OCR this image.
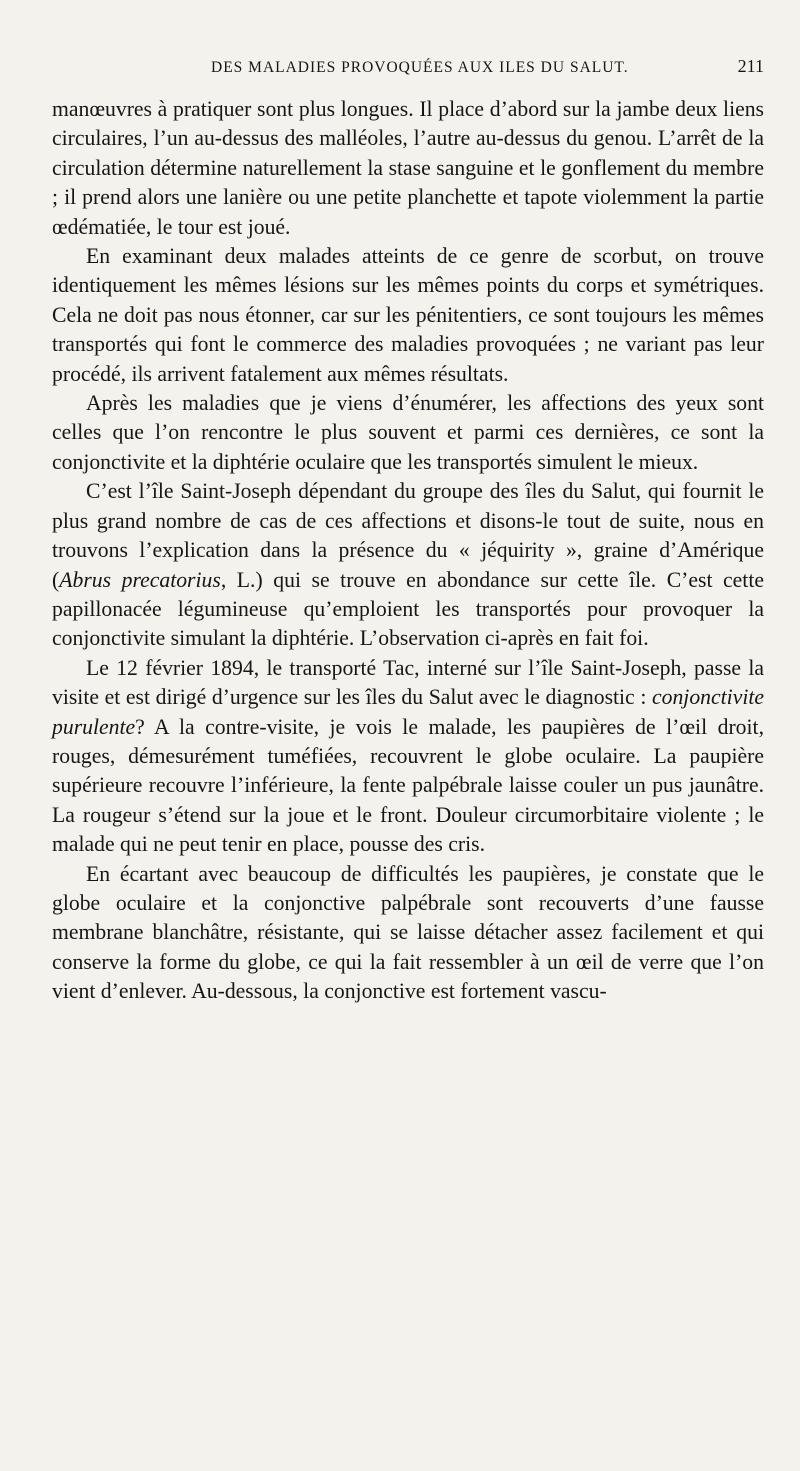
DES MALADIES PROVOQUÉES AUX ILES DU SALUT.	211

manœuvres à pratiquer sont plus longues. Il place d’abord sur la jambe deux liens circulaires, l’un au-dessus des malléoles, l’autre au-dessus du genou. L’arrêt de la circulation détermine naturellement la stase sanguine et le gonflement du membre ; il prend alors une lanière ou une petite planchette et tapote violemment la partie œdématiée, le tour est joué.

En examinant deux malades atteints de ce genre de scorbut, on trouve identiquement les mêmes lésions sur les mêmes points du corps et symétriques. Cela ne doit pas nous étonner, car sur les pénitentiers, ce sont toujours les mêmes transportés qui font le commerce des maladies provoquées ; ne variant pas leur procédé, ils arrivent fatalement aux mêmes résultats.

Après les maladies que je viens d’énumérer, les affections des yeux sont celles que l’on rencontre le plus souvent et parmi ces dernières, ce sont la conjonctivite et la diphtérie oculaire que les transportés simulent le mieux.

C’est l’île Saint-Joseph dépendant du groupe des îles du Salut, qui fournit le plus grand nombre de cas de ces affections et disons-le tout de suite, nous en trouvons l’explication dans la présence du « jéquirity », graine d’Amérique (Abrus precatorius, L.) qui se trouve en abondance sur cette île. C’est cette papillonacée légumineuse qu’emploient les transportés pour provoquer la conjonctivite simulant la diphtérie. L’observation ci-après en fait foi.

Le 12 février 1894, le transporté Tac, interné sur l’île Saint-Joseph, passe la visite et est dirigé d’urgence sur les îles du Salut avec le diagnostic : conjonctivite purulente? A la contre-visite, je vois le malade, les paupières de l’œil droit, rouges, démesurément tuméfiées, recouvrent le globe oculaire. La paupière supérieure recouvre l’inférieure, la fente palpébrale laisse couler un pus jaunâtre. La rougeur s’étend sur la joue et le front. Douleur circumorbitaire violente ; le malade qui ne peut tenir en place, pousse des cris.

En écartant avec beaucoup de difficultés les paupières, je constate que le globe oculaire et la conjonctive palpébrale sont recouverts d’une fausse membrane blanchâtre, résistante, qui se laisse détacher assez facilement et qui conserve la forme du globe, ce qui la fait ressembler à un œil de verre que l’on vient d’enlever. Au-dessous, la conjonctive est fortement vascu-
